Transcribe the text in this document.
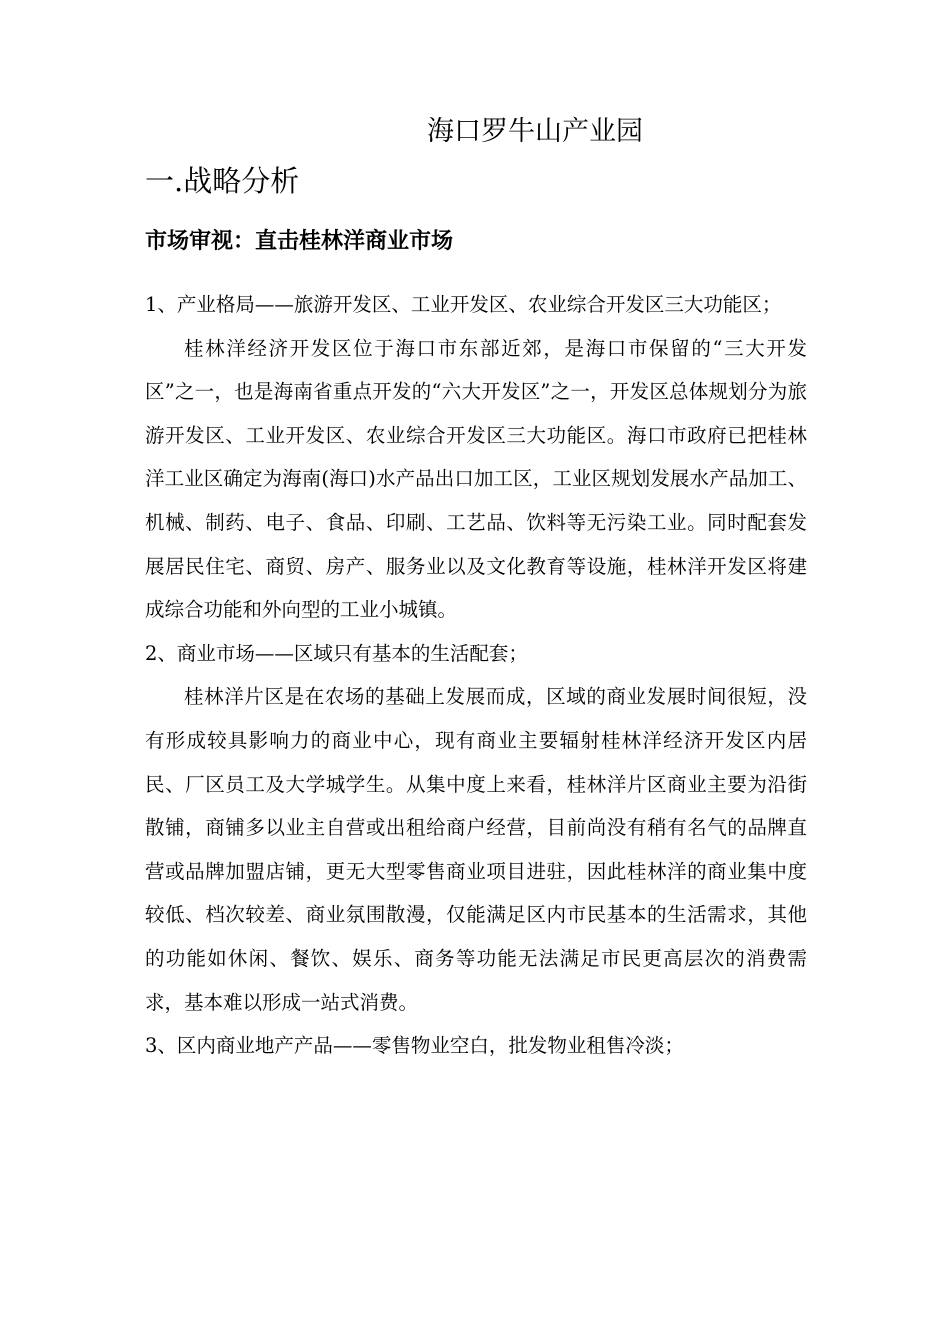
海口罗牛山产业园
一.战略分析
市场审视：直击桂林洋商业市场

1、产业格局——旅游开发区、工业开发区、农业综合开发区三大功能区；

桂林洋经济开发区位于海口市东部近郊，是海口市保留的“三大开发区”之一，也是海南省重点开发的“六大开发区”之一，开发区总体规划分为旅游开发区、工业开发区、农业综合开发区三大功能区。海口市政府已把桂林洋工业区确定为海南(海口)水产品出口加工区，工业区规划发展水产品加工、机械、制药、电子、食品、印刷、工艺品、饮料等无污染工业。同时配套发展居民住宅、商贸、房产、服务业以及文化教育等设施，桂林洋开发区将建成综合功能和外向型的工业小城镇。

2、商业市场——区域只有基本的生活配套；

桂林洋片区是在农场的基础上发展而成，区域的商业发展时间很短，没有形成较具影响力的商业中心，现有商业主要辐射桂林洋经济开发区内居民、厂区员工及大学城学生。从集中度上来看，桂林洋片区商业主要为沿街散铺，商铺多以业主自营或出租给商户经营，目前尚没有稍有名气的品牌直营或品牌加盟店铺，更无大型零售商业项目进驻，因此桂林洋的商业集中度较低、档次较差、商业氛围散漫，仅能满足区内市民基本的生活需求，其他的功能如休闲、餐饮、娱乐、商务等功能无法满足市民更高层次的消费需求，基本难以形成一站式消费。

3、区内商业地产产品——零售物业空白，批发物业租售冷淡；
